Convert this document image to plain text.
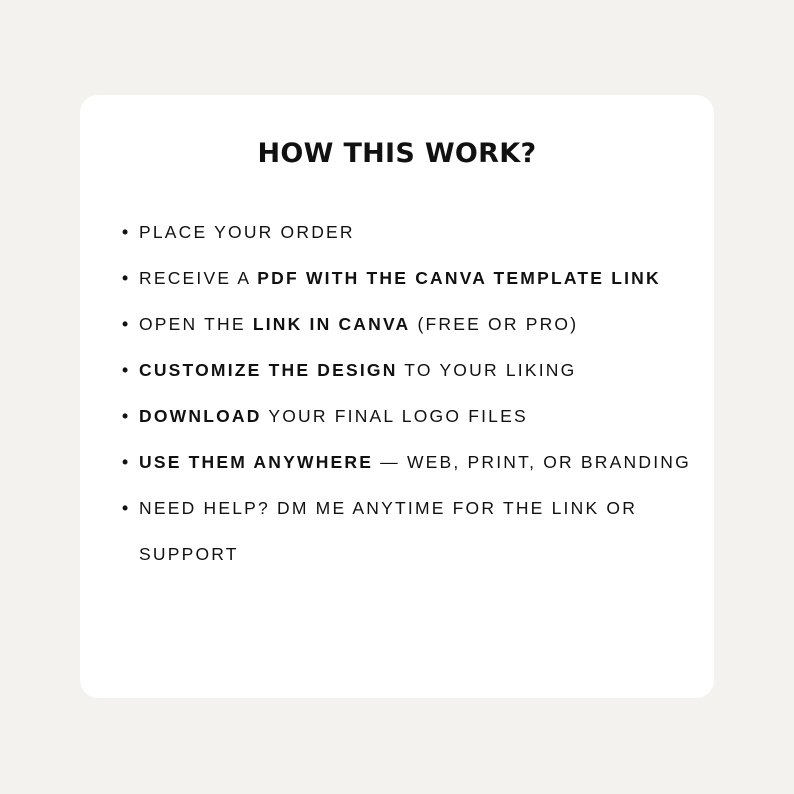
HOW THIS WORK?
• PLACE YOUR ORDER
• RECEIVE A PDF WITH THE CANVA TEMPLATE LINK
• OPEN THE LINK IN CANVA (FREE OR PRO)
• CUSTOMIZE THE DESIGN TO YOUR LIKING
• DOWNLOAD YOUR FINAL LOGO FILES
• USE THEM ANYWHERE — WEB, PRINT, OR BRANDING
• NEED HELP? DM ME ANYTIME FOR THE LINK OR SUPPORT
